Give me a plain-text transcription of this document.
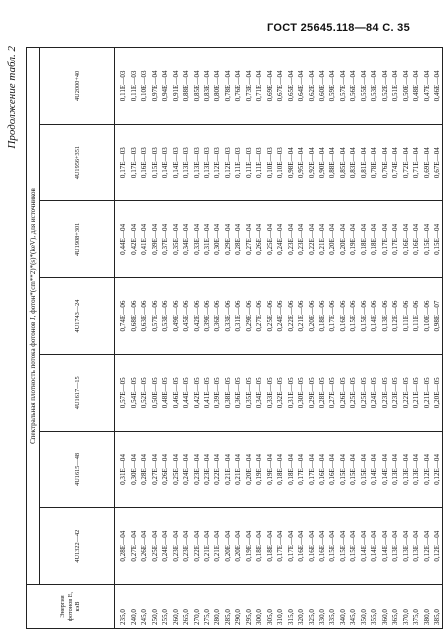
ГОСТ 25645.118—84 С. 35
Продолжение табл. 2
Энергия фотонов E, кэВ	Спектральная плотность потока фотонов J, фотон*(сm**2)*(s)*(keV), для источников						
	4U1322—42	4U1615—48	4U1617—15	4U1743—24	4U1908+301	4U1956+351	4U2000+40
235,0	0,28E—04	0,31E—04	0,57E—05	0,74E—06	0,44E—04	0,17E—03	0,11E—03
240,0	0,27E—04	0,30E—04	0,54E—05	0,68E—06	0,42E—04	0,17E—03	0,11E—03
245,0	0,26E—04	0,28E—04	0,52E—05	0,63E—06	0,41E—04	0,16E—03	0,10E—03
250,0	0,25E—04	0,27E—04	0,50E—05	0,57E—06	0,39E—04	0,15E—03	0,97E—04
255,0	0,24E—04	0,26E—04	0,48E—05	0,53E—06	0,37E—04	0,14E—03	0,94E—04
260,0	0,23E—04	0,25E—04	0,46E—05	0,49E—06	0,35E—04	0,14E—03	0,91E—04
265,0	0,23E—04	0,24E—04	0,44E—05	0,45E—06	0,34E—04	0,13E—03	0,88E—04
270,0	0,22E—04	0,23E—04	0,42E—05	0,42E—06	0,33E—04	0,13E—03	0,85E—04
275,0	0,21E—04	0,23E—04	0,41E—05	0,39E—06	0,31E—04	0,13E—03	0,83E—04
280,0	0,21E—04	0,22E—04	0,39E—05	0,36E—06	0,30E—04	0,12E—03	0,80E—04
285,0	0,20E—04	0,21E—04	0,38E—05	0,33E—06	0,29E—04	0,12E—03	0,78E—04
290,0	0,20E—04	0,21E—04	0,36E—05	0,31E—06	0,28E—04	0,11E—03	0,76E—04
295,0	0,19E—04	0,20E—04	0,35E—05	0,29E—06	0,27E—04	0,11E—03	0,73E—04
300,0	0,18E—04	0,19E—04	0,34E—05	0,27E—06	0,26E—04	0,11E—03	0,71E—04
305,0	0,18E—04	0,19E—04	0,33E—05	0,25E—06	0,25E—04	0,10E—03	0,69E—04
310,0	0,17E—04	0,18E—04	0,32E—05	0,24E—06	0,24E—04	0,10E—03	0,67E—04
315,0	0,17E—04	0,18E—04	0,31E—05	0,22E—06	0,23E—04	0,98E—04	0,65E—04
320,0	0,16E—04	0,17E—04	0,30E—05	0,21E—06	0,23E—04	0,95E—04	0,64E—04
325,0	0,16E—04	0,17E—04	0,29E—05	0,20E—06	0,22E—04	0,92E—04	0,62E—04
330,0	0,16E—04	0,16E—04	0,28E—05	0,18E—06	0,21E—04	0,90E—04	0,60E—04
335,0	0,15E—04	0,16E—04	0,27E—05	0,17E—06	0,20E—04	0,88E—04	0,59E—04
340,0	0,15E—04	0,15E—04	0,26E—05	0,16E—06	0,20E—04	0,85E—04	0,57E—04
345,0	0,15E—04	0,15E—04	0,25E—05	0,15E—06	0,19E—04	0,83E—04	0,56E—04
350,0	0,14E—04	0,15E—04	0,25E—05	0,15E—06	0,18E—04	0,81E—04	0,55E—04
355,0	0,14E—04	0,14E—04	0,24E—05	0,14E—06	0,18E—04	0,78E—04	0,53E—04
360,0	0,14E—04	0,14E—04	0,23E—05	0,13E—06	0,17E—04	0,76E—04	0,52E—04
365,0	0,13E—04	0,13E—04	0,23E—05	0,12E—06	0,17E—04	0,74E—04	0,51E—04
370,0	0,13E—04	0,13E—04	0,22E—05	0,11E—06	0,16E—04	0,72E—04	0,50E—04
375,0	0,13E—04	0,13E—04	0,21E—05	0,11E—06	0,16E—04	0,71E—04	0,48E—04
380,0	0,12E—04	0,12E—04	0,21E—05	0,10E—06	0,15E—04	0,69E—04	0,47E—04
385,0	0,12E—04	0,12E—04	0,20E—05	0,98E—07	0,15E—04	0,67E—04	0,46E—04
